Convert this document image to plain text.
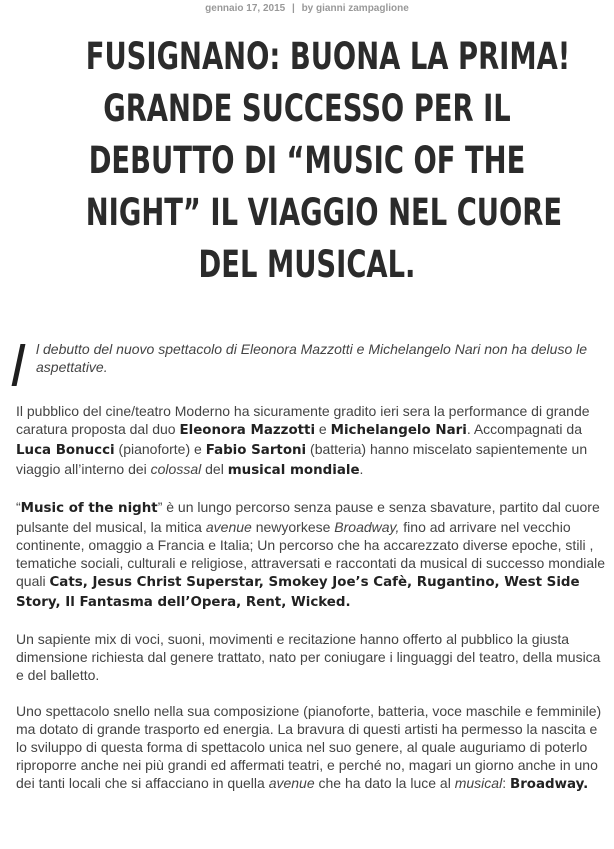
gennaio 17, 2015 | by gianni zampaglione
FUSIGNANO: BUONA LA PRIMA!
GRANDE SUCCESSO PER IL
DEBUTTO DI “MUSIC OF THE
NIGHT” IL VIAGGIO NEL CUORE
DEL MUSICAL.

l debutto del nuovo spettacolo di Eleonora Mazzotti e Michelangelo Nari non ha deluso le aspettative.

Il pubblico del cine/teatro Moderno ha sicuramente gradito ieri sera la performance di grande caratura proposta dal duo Eleonora Mazzotti e Michelangelo Nari. Accompagnati da Luca Bonucci (pianoforte) e Fabio Sartoni (batteria) hanno miscelato sapientemente un viaggio all’interno dei colossal del musical mondiale.

“Music of the night” è un lungo percorso senza pause e senza sbavature, partito dal cuore pulsante del musical, la mitica avenue newyorkese Broadway, fino ad arrivare nel vecchio continente, omaggio a Francia e Italia; Un percorso che ha accarezzato diverse epoche, stili , tematiche sociali, culturali e religiose, attraversati e raccontati da musical di successo mondiale quali Cats, Jesus Christ Superstar, Smokey Joe’s Cafè, Rugantino, West Side Story, Il Fantasma dell’Opera, Rent, Wicked.

Un sapiente mix di voci, suoni, movimenti e recitazione hanno offerto al pubblico la giusta dimensione richiesta dal genere trattato, nato per coniugare i linguaggi del teatro, della musica e del balletto.

Uno spettacolo snello nella sua composizione (pianoforte, batteria, voce maschile e femminile) ma dotato di grande trasporto ed energia. La bravura di questi artisti ha permesso la nascita e lo sviluppo di questa forma di spettacolo unica nel suo genere, al quale auguriamo di poterlo riproporre anche nei più grandi ed affermati teatri, e perché no, magari un giorno anche in uno dei tanti locali che si affacciano in quella avenue che ha dato la luce al musical: Broadway.
